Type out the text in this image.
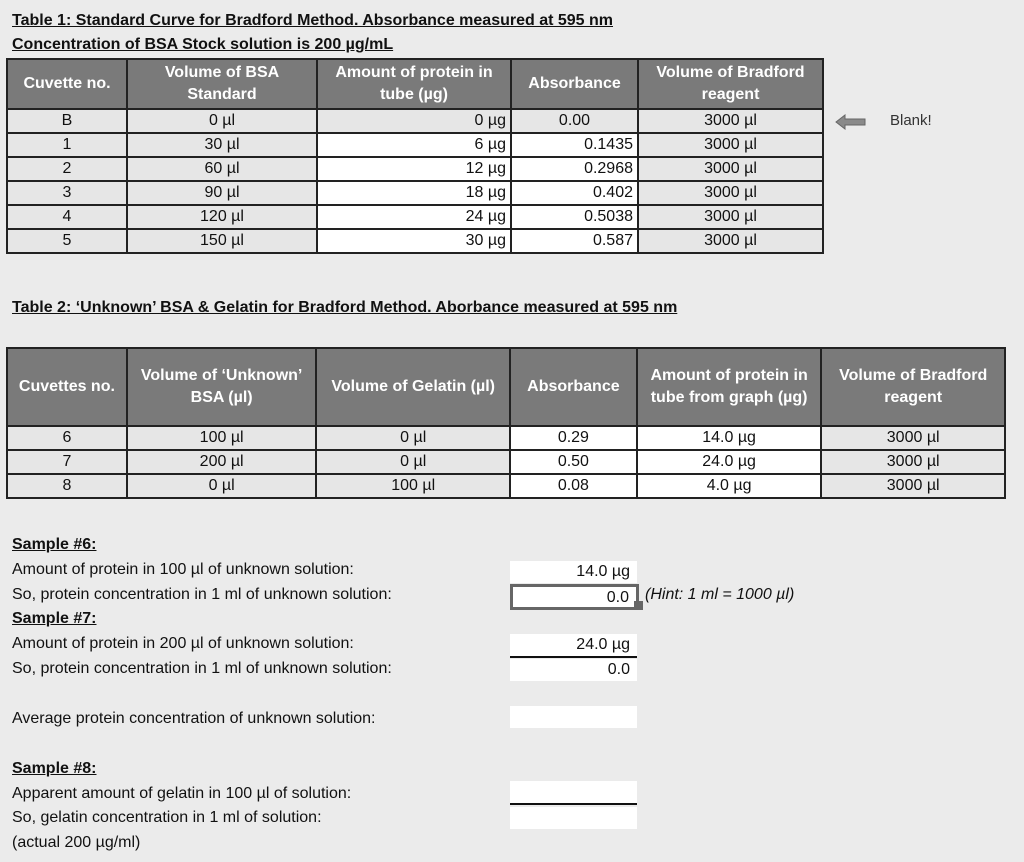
Table 1: Standard Curve for Bradford Method. Absorbance measured at 595 nm
Concentration of BSA Stock solution is 200 µg/mL
Cuvette no.	Volume of BSA Standard	Amount of protein in tube (µg)	Absorbance	Volume of Bradford reagent
B	0 µl	0 µg	0.00	3000 µl
1	30 µl	6 µg	0.1435	3000 µl
2	60 µl	12 µg	0.2968	3000 µl
3	90 µl	18 µg	0.402	3000 µl
4	120 µl	24 µg	0.5038	3000 µl
5	150 µl	30 µg	0.587	3000 µl
Blank!
Table 2: ‘Unknown’ BSA & Gelatin for Bradford Method. Aborbance measured at 595 nm
Cuvettes no.	Volume of ‘Unknown’ BSA (µl)	Volume of Gelatin (µl)	Absorbance	Amount of protein in tube from graph (µg)	Volume of Bradford reagent
6	100 µl	0 µl	0.29	14.0 µg	3000 µl
7	200 µl	0 µl	0.50	24.0 µg	3000 µl
8	0 µl	100 µl	0.08	4.0 µg	3000 µl
Sample #6:
Amount of protein in 100 µl of unknown solution:	14.0 µg
So, protein concentration in 1 ml of unknown solution:	0.0	(Hint: 1 ml = 1000 µl)
Sample #7:
Amount of protein in 200 µl of unknown solution:	24.0 µg
So, protein concentration in 1 ml of unknown solution:	0.0
Average protein concentration of unknown solution:
Sample #8:
Apparent amount of gelatin in 100 µl of solution:
So, gelatin concentration in 1 ml of solution:
(actual 200 µg/ml)
